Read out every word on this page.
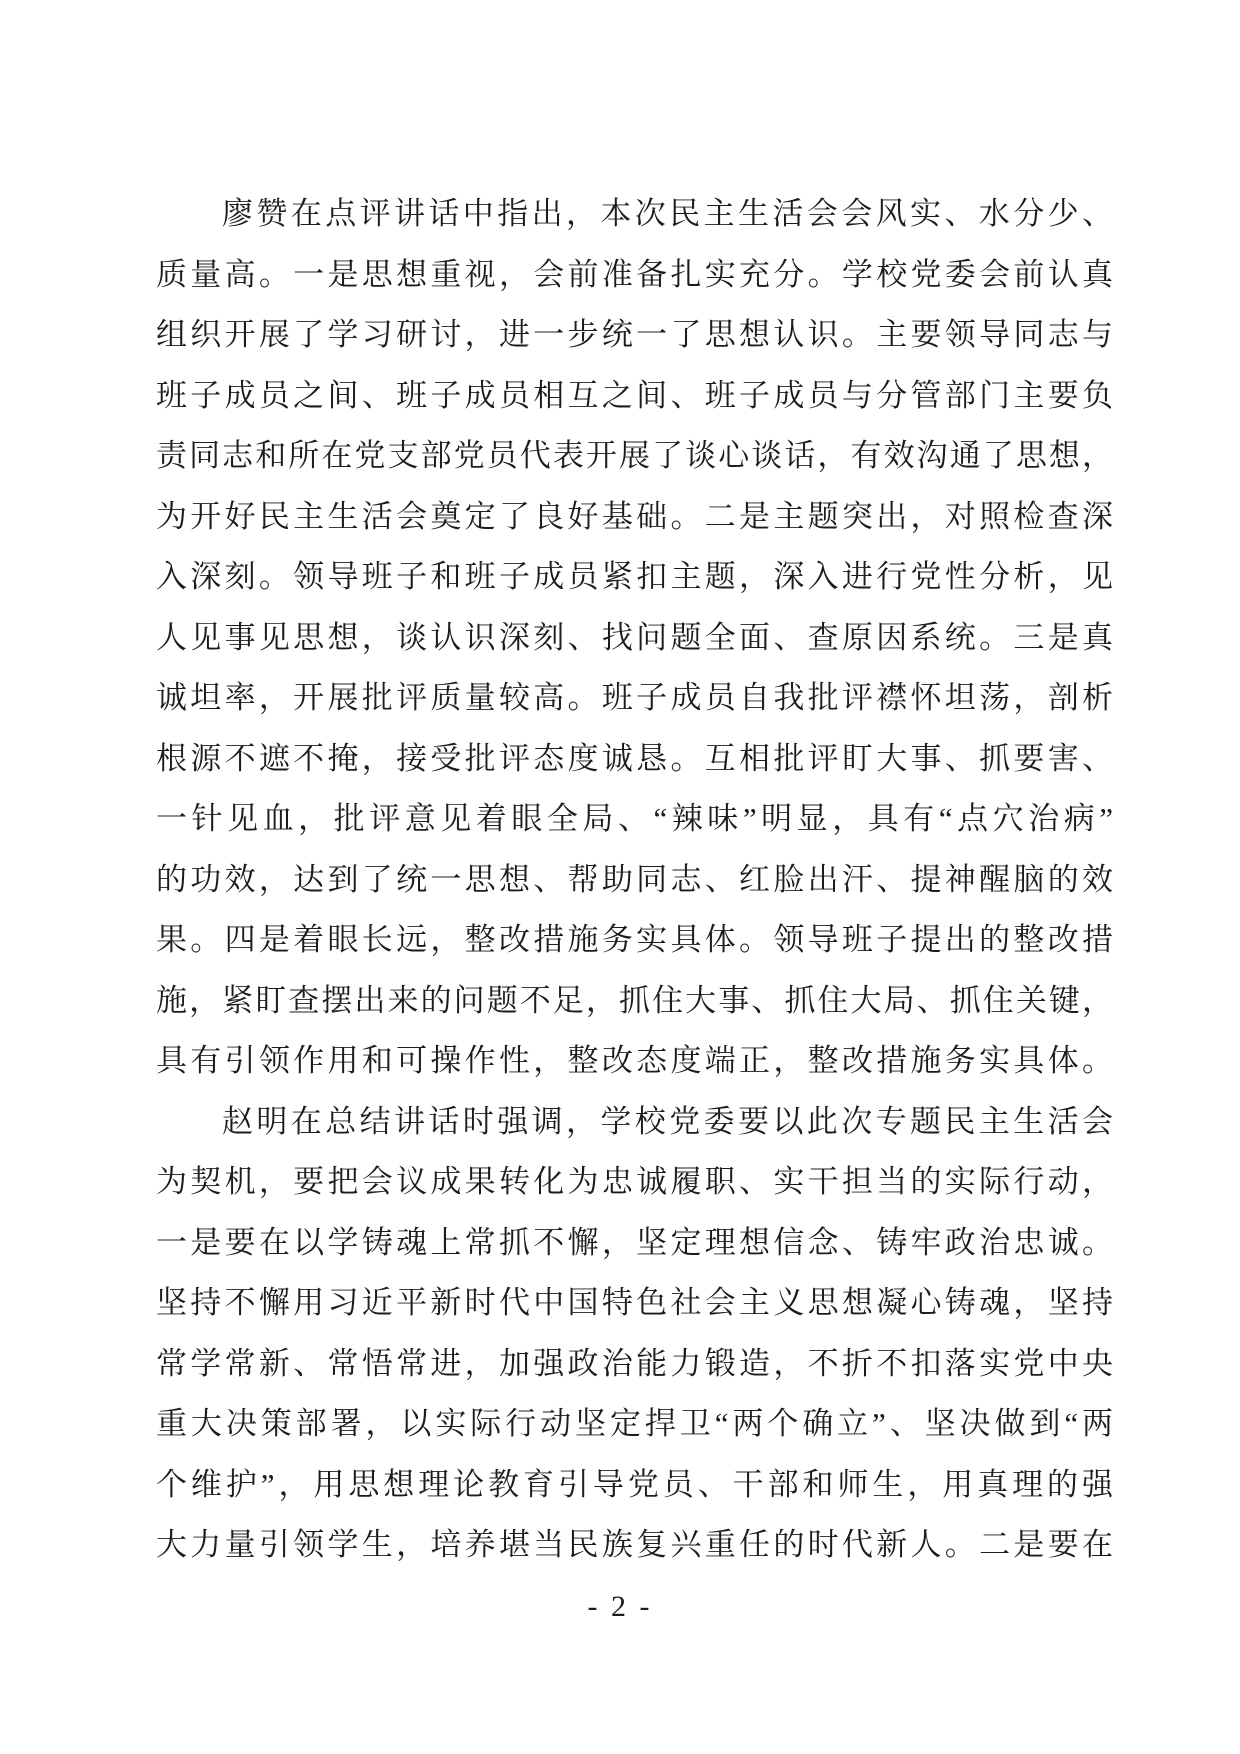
廖赞在点评讲话中指出，本次民主生活会会风实、水分少、
质量高。一是思想重视，会前准备扎实充分。学校党委会前认真
组织开展了学习研讨，进一步统一了思想认识。主要领导同志与
班子成员之间、班子成员相互之间、班子成员与分管部门主要负
责同志和所在党支部党员代表开展了谈心谈话，有效沟通了思想，
为开好民主生活会奠定了良好基础。二是主题突出，对照检查深
入深刻。领导班子和班子成员紧扣主题，深入进行党性分析，见
人见事见思想，谈认识深刻、找问题全面、查原因系统。三是真
诚坦率，开展批评质量较高。班子成员自我批评襟怀坦荡，剖析
根源不遮不掩，接受批评态度诚恳。互相批评盯大事、抓要害、
一针见血，批评意见着眼全局、“辣味”明显，具有“点穴治病”
的功效，达到了统一思想、帮助同志、红脸出汗、提神醒脑的效
果。四是着眼长远，整改措施务实具体。领导班子提出的整改措
施，紧盯查摆出来的问题不足，抓住大事、抓住大局、抓住关键，
具有引领作用和可操作性，整改态度端正，整改措施务实具体。
赵明在总结讲话时强调，学校党委要以此次专题民主生活会
为契机，要把会议成果转化为忠诚履职、实干担当的实际行动，
一是要在以学铸魂上常抓不懈，坚定理想信念、铸牢政治忠诚。
坚持不懈用习近平新时代中国特色社会主义思想凝心铸魂，坚持
常学常新、常悟常进，加强政治能力锻造，不折不扣落实党中央
重大决策部署，以实际行动坚定捍卫“两个确立”、坚决做到“两
个维护”，用思想理论教育引导党员、干部和师生，用真理的强
大力量引领学生，培养堪当民族复兴重任的时代新人。二是要在
- 2 -
